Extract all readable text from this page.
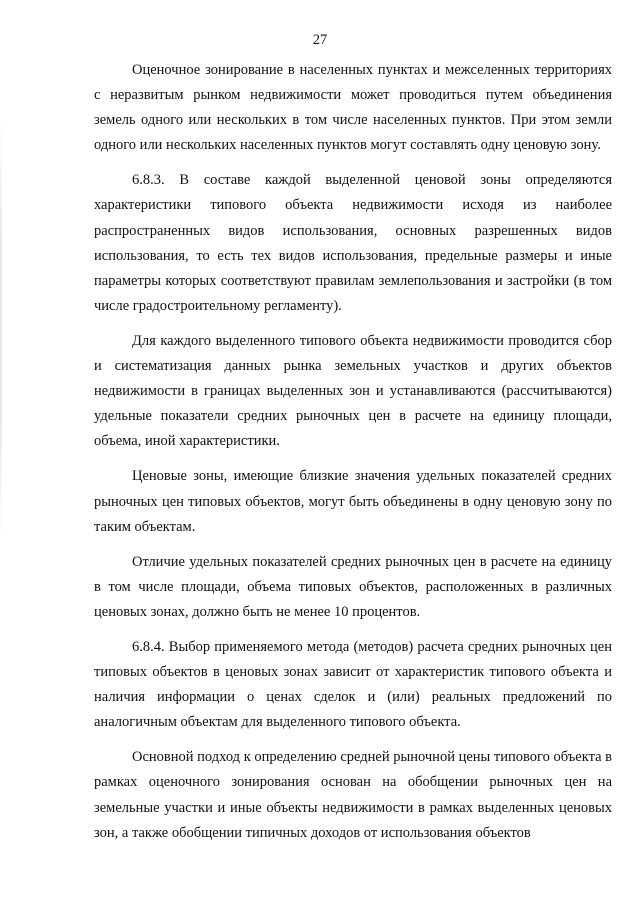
27

Оценочное зонирование в населенных пунктах и межселенных территориях с неразвитым рынком недвижимости может проводиться путем объединения земель одного или нескольких в том числе населенных пунктов. При этом земли одного или нескольких населенных пунктов могут составлять одну ценовую зону.

6.8.3. В составе каждой выделенной ценовой зоны определяются характеристики типового объекта недвижимости исходя из наиболее распространенных видов использования, основных разрешенных видов использования, то есть тех видов использования, предельные размеры и иные параметры которых соответствуют правилам землепользования и застройки (в том числе градостроительному регламенту).

Для каждого выделенного типового объекта недвижимости проводится сбор и систематизация данных рынка земельных участков и других объектов недвижимости в границах выделенных зон и устанавливаются (рассчитываются) удельные показатели средних рыночных цен в расчете на единицу площади, объема, иной характеристики.

Ценовые зоны, имеющие близкие значения удельных показателей средних рыночных цен типовых объектов, могут быть объединены в одну ценовую зону по таким объектам.

Отличие удельных показателей средних рыночных цен в расчете на единицу в том числе площади, объема типовых объектов, расположенных в различных ценовых зонах, должно быть не менее 10 процентов.

6.8.4. Выбор применяемого метода (методов) расчета средних рыночных цен типовых объектов в ценовых зонах зависит от характеристик типового объекта и наличия информации о ценах сделок и (или) реальных предложений по аналогичным объектам для выделенного типового объекта.

Основной подход к определению средней рыночной цены типового объекта в рамках оценочного зонирования основан на обобщении рыночных цен на земельные участки и иные объекты недвижимости в рамках выделенных ценовых зон, а также обобщении типичных доходов от использования объектов
